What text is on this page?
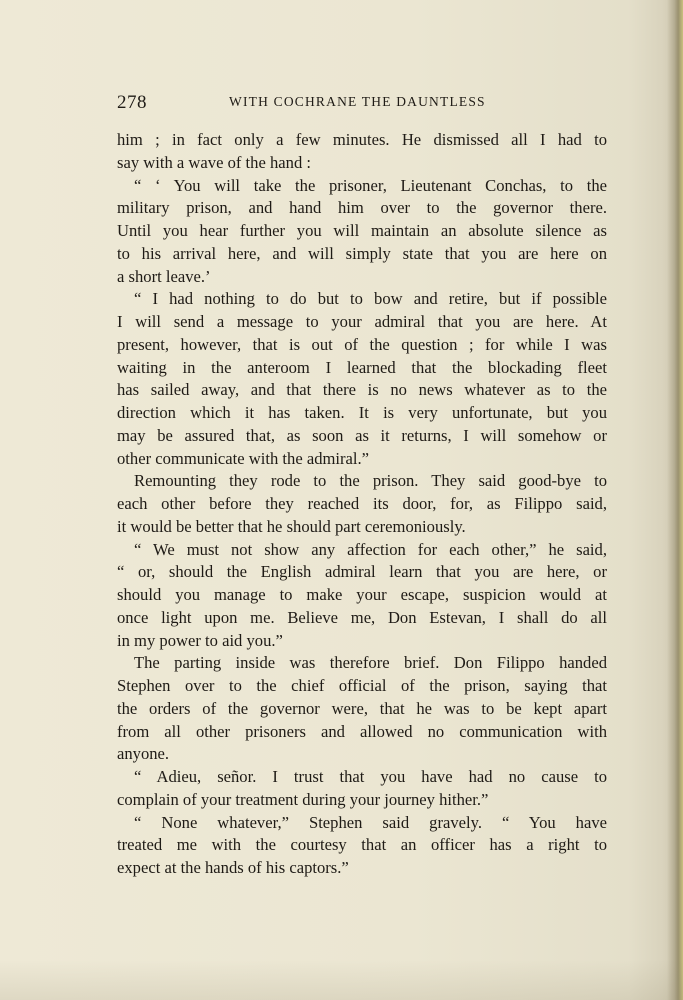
278	WITH COCHRANE THE DAUNTLESS
him ; in fact only a few minutes. He dismissed all I had to
say with a wave of the hand :
“ ‘ You will take the prisoner, Lieutenant Conchas, to the
military prison, and hand him over to the governor there.
Until you hear further you will maintain an absolute silence as
to his arrival here, and will simply state that you are here on
a short leave.’
“ I had nothing to do but to bow and retire, but if possible
I will send a message to your admiral that you are here. At
present, however, that is out of the question ; for while I was
waiting in the anteroom I learned that the blockading fleet
has sailed away, and that there is no news whatever as to the
direction which it has taken. It is very unfortunate, but you
may be assured that, as soon as it returns, I will somehow or
other communicate with the admiral.”
Remounting they rode to the prison. They said good-bye to
each other before they reached its door, for, as Filippo said,
it would be better that he should part ceremoniously.
“ We must not show any affection for each other,” he said,
“ or, should the English admiral learn that you are here, or
should you manage to make your escape, suspicion would at
once light upon me. Believe me, Don Estevan, I shall do all
in my power to aid you.”
The parting inside was therefore brief. Don Filippo handed
Stephen over to the chief official of the prison, saying that
the orders of the governor were, that he was to be kept apart
from all other prisoners and allowed no communication with
anyone.
“ Adieu, señor. I trust that you have had no cause to
complain of your treatment during your journey hither.”
“ None whatever,” Stephen said gravely. “ You have
treated me with the courtesy that an officer has a right to
expect at the hands of his captors.”
